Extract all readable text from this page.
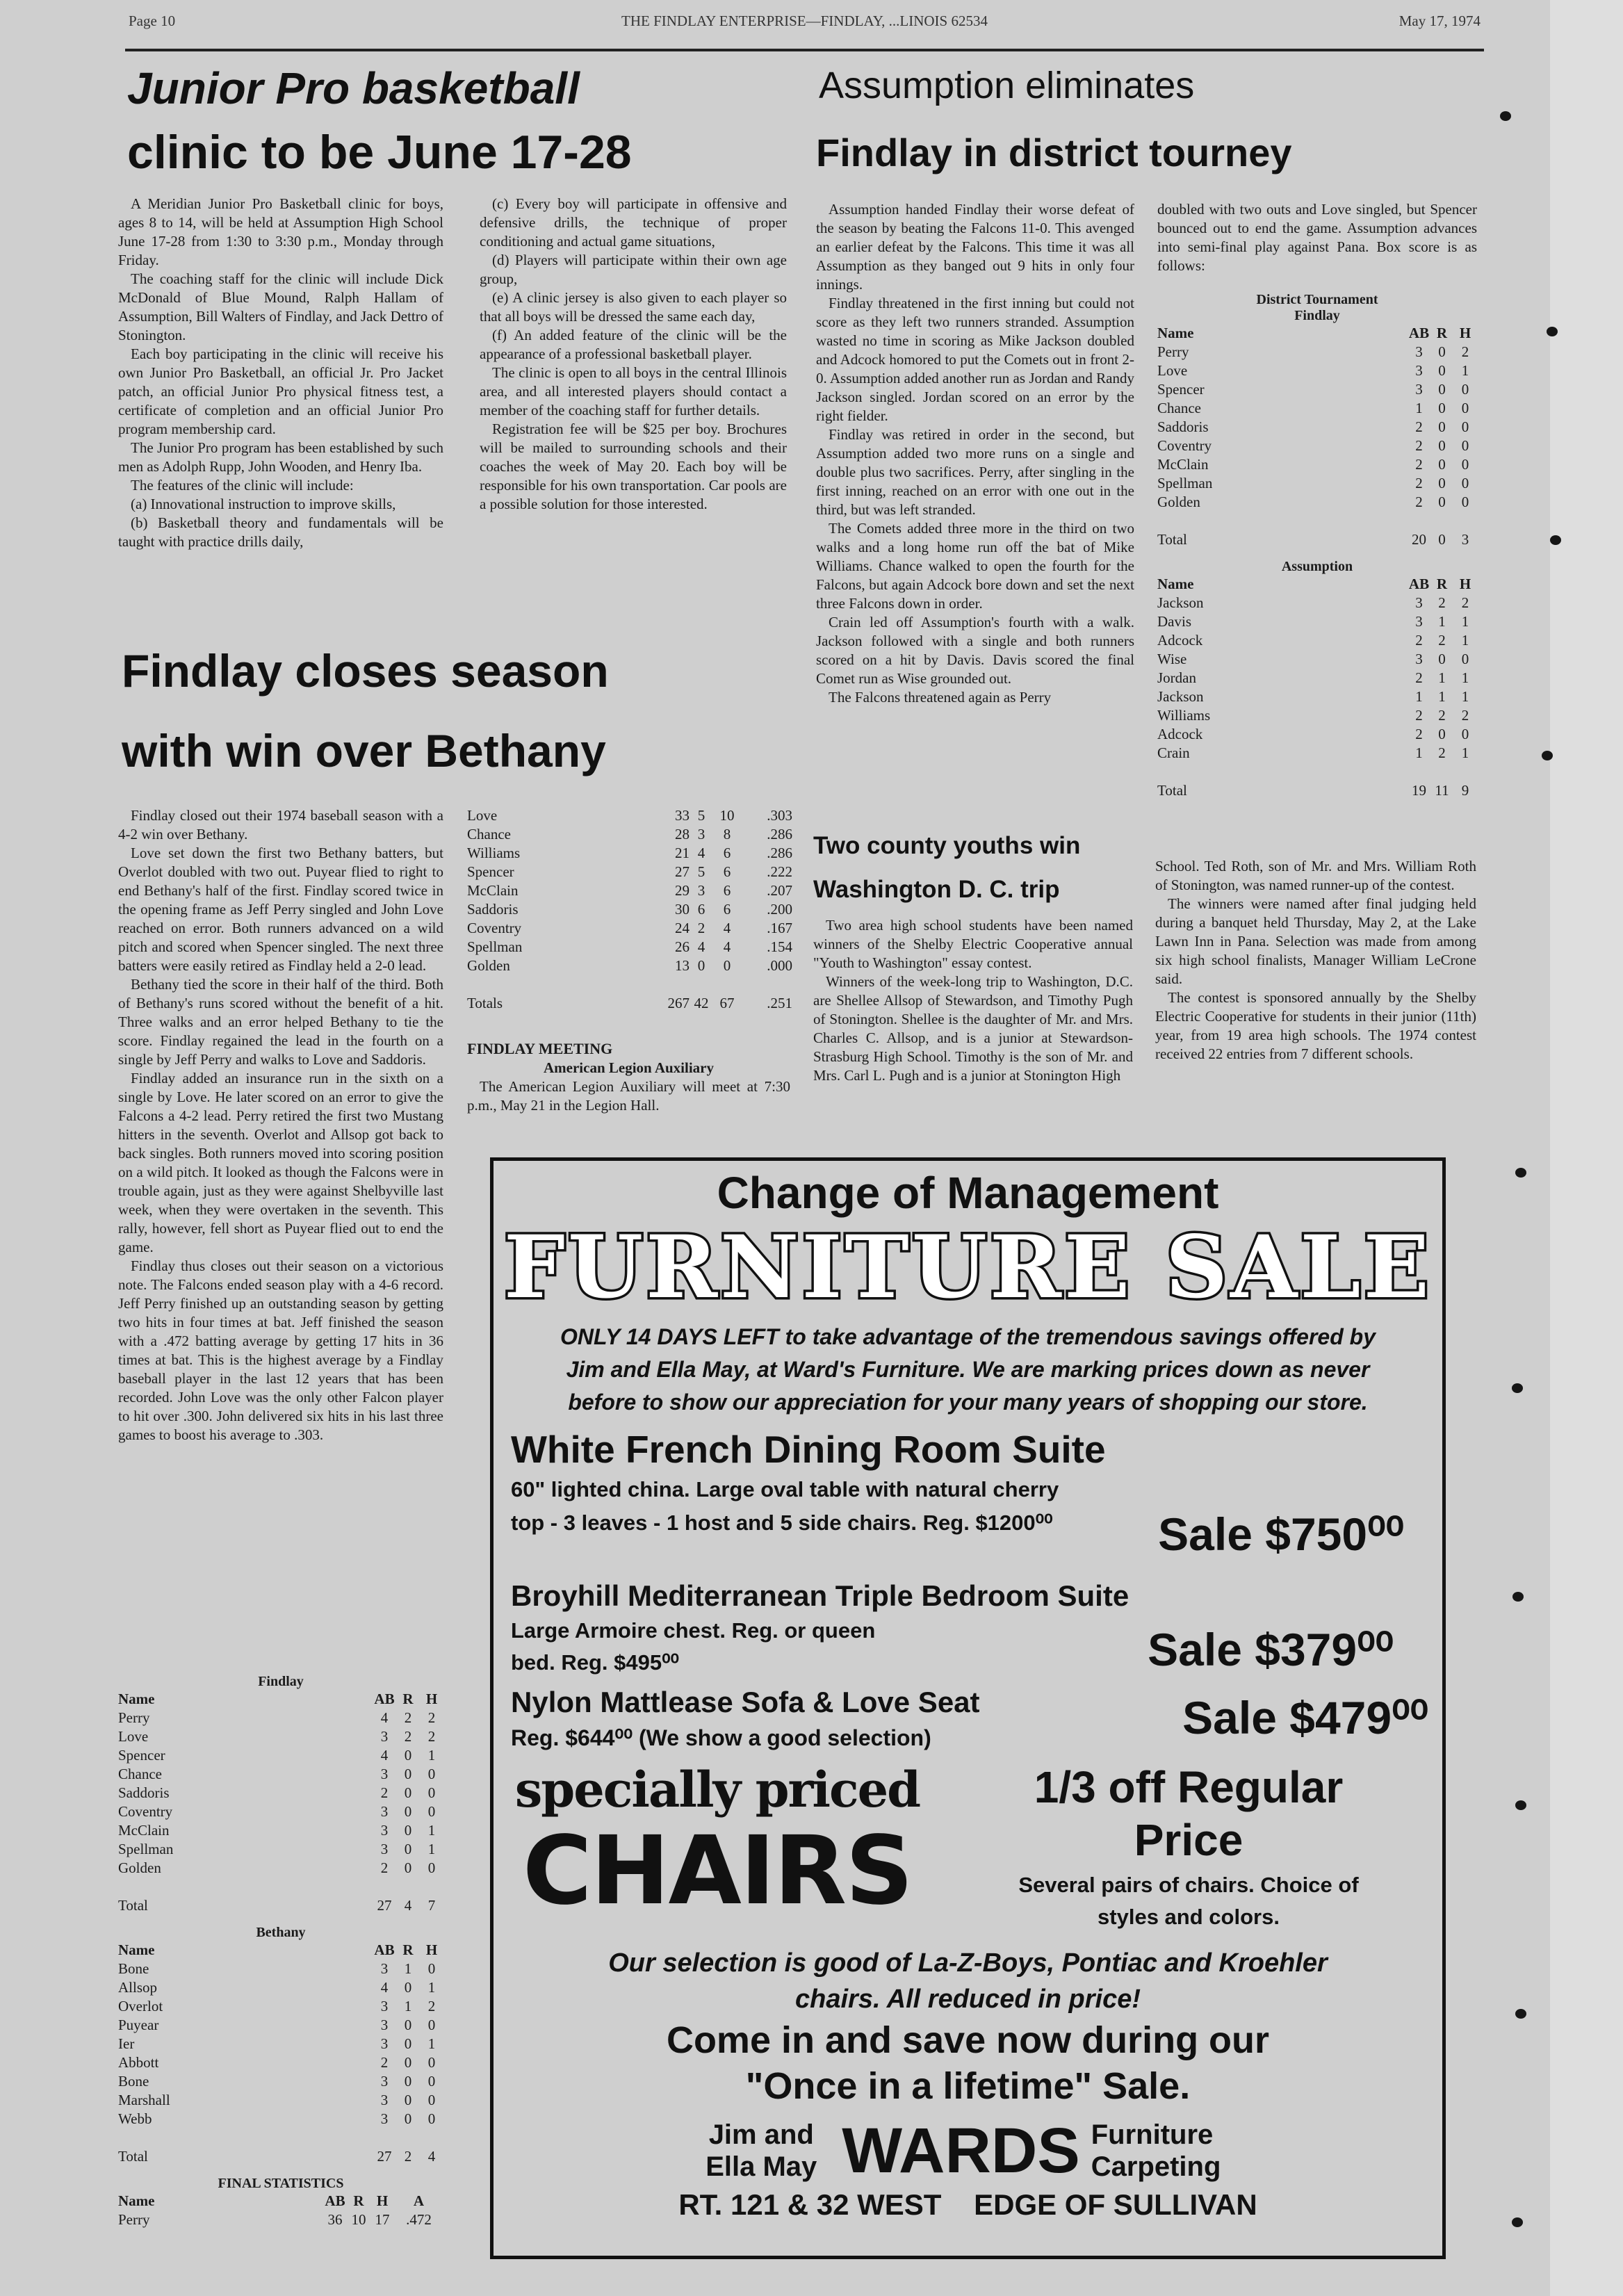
Page 10	THE FINDLAY ENTERPRISE—FINDLAY, ...LINOIS 62534	May 17, 1974
Junior Pro basketball
clinic to be June 17-28

A Meridian Junior Pro Basketball clinic for boys, ages 8 to 14, will be held at Assumption High School June 17-28 from 1:30 to 3:30 p.m., Monday through Friday.

The coaching staff for the clinic will include Dick McDonald of Blue Mound, Ralph Hallam of Assumption, Bill Walters of Findlay, and Jack Dettro of Stonington.

Each boy participating in the clinic will receive his own Junior Pro Basketball, an official Jr. Pro Jacket patch, an official Junior Pro physical fitness test, a certificate of completion and an official Junior Pro program membership card.

The Junior Pro program has been established by such men as Adolph Rupp, John Wooden, and Henry Iba.

The features of the clinic will include:

(a) Innovational instruction to improve skills,

(b) Basketball theory and fundamentals will be taught with practice drills daily,

(c) Every boy will participate in offensive and defensive drills, the technique of proper conditioning and actual game situations,

(d) Players will participate within their own age group,

(e) A clinic jersey is also given to each player so that all boys will be dressed the same each day,

(f) An added feature of the clinic will be the appearance of a professional basketball player.

The clinic is open to all boys in the central Illinois area, and all interested players should contact a member of the coaching staff for further details.

Registration fee will be $25 per boy. Brochures will be mailed to surrounding schools and their coaches the week of May 20. Each boy will be responsible for his own transportation. Car pools are a possible solution for those interested.

Assumption eliminates
Findlay in district tourney

Assumption handed Findlay their worse defeat of the season by beating the Falcons 11-0. This avenged an earlier defeat by the Falcons. This time it was all Assumption as they banged out 9 hits in only four innings.

Findlay threatened in the first inning but could not score as they left two runners stranded. Assumption wasted no time in scoring as Mike Jackson doubled and Adcock homored to put the Comets out in front 2-0. Assumption added another run as Jordan and Randy Jackson singled. Jordan scored on an error by the right fielder.

Findlay was retired in order in the second, but Assumption added two more runs on a single and double plus two sacrifices. Perry, after singling in the first inning, reached on an error with one out in the third, but was left stranded.

The Comets added three more in the third on two walks and a long home run off the bat of Mike Williams. Chance walked to open the fourth for the Falcons, but again Adcock bore down and set the next three Falcons down in order.

Crain led off Assumption's fourth with a walk. Jackson followed with a single and both runners scored on a hit by Davis. Davis scored the final Comet run as Wise grounded out.

The Falcons threatened again as Perry

doubled with two outs and Love singled, but Spencer bounced out to end the game. Assumption advances into semi-final play against Pana. Box score is as follows:

District Tournament
Findlay
Name	AB	R	H
Perry	3	0	2
Love	3	0	1
Spencer	3	0	0
Chance	1	0	0
Saddoris	2	0	0
Coventry	2	0	0
McClain	2	0	0
Spellman	2	0	0
Golden	2	0	0

Total	20	0	3
Assumption
Name	AB	R	H
Jackson	3	2	2
Davis	3	1	1
Adcock	2	2	1
Wise	3	0	0
Jordan	2	1	1
Jackson	1	1	1
Williams	2	2	2
Adcock	2	0	0
Crain	1	2	1

Total	19	11	9
Findlay closes season
with win over Bethany

Findlay closed out their 1974 baseball season with a 4-2 win over Bethany.

Love set down the first two Bethany batters, but Overlot doubled with two out. Puyear flied to right to end Bethany's half of the first. Findlay scored twice in the opening frame as Jeff Perry singled and John Love reached on error. Both runners advanced on a wild pitch and scored when Spencer singled. The next three batters were easily retired as Findlay held a 2-0 lead.

Bethany tied the score in their half of the third. Both of Bethany's runs scored without the benefit of a hit. Three walks and an error helped Bethany to tie the score. Findlay regained the lead in the fourth on a single by Jeff Perry and walks to Love and Saddoris.

Findlay added an insurance run in the sixth on a single by Love. He later scored on an error to give the Falcons a 4-2 lead. Perry retired the first two Mustang hitters in the seventh. Overlot and Allsop got back to back singles. Both runners moved into scoring position on a wild pitch. It looked as though the Falcons were in trouble again, just as they were against Shelbyville last week, when they were overtaken in the seventh. This rally, however, fell short as Puyear flied out to end the game.

Findlay thus closes out their season on a victorious note. The Falcons ended season play with a 4-6 record. Jeff Perry finished up an outstanding season by getting two hits in four times at bat. Jeff finished the season with a .472 batting average by getting 17 hits in 36 times at bat. This is the highest average by a Findlay baseball player in the last 12 years that has been recorded. John Love was the only other Falcon player to hit over .300. John delivered six hits in his last three games to boost his average to .303.

Findlay
Name	AB	R	H
Perry	4	2	2
Love	3	2	2
Spencer	4	0	1
Chance	3	0	0
Saddoris	2	0	0
Coventry	3	0	0
McClain	3	0	1
Spellman	3	0	1
Golden	2	0	0

Total	27	4	7
Bethany
Name	AB	R	H
Bone	3	1	0
Allsop	4	0	1
Overlot	3	1	2
Puyear	3	0	0
Ier	3	0	1
Abbott	2	0	0
Bone	3	0	0
Marshall	3	0	0
Webb	3	0	0

Total	27	2	4
FINAL STATISTICS
Name	AB	R	H	A
Perry	36	10	17	.472
Love	33	5	10	.303
Chance	28	3	8	.286
Williams	21	4	6	.286
Spencer	27	5	6	.222
McClain	29	3	6	.207
Saddoris	30	6	6	.200
Coventry	24	2	4	.167
Spellman	26	4	4	.154
Golden	13	0	0	.000

Totals	267	42	67	.251
FINDLAY MEETING
American Legion Auxiliary

The American Legion Auxiliary will meet at 7:30 p.m., May 21 in the Legion Hall.

Two county youths win
Washington D. C. trip

Two area high school students have been named winners of the Shelby Electric Cooperative annual "Youth to Washington" essay contest.

Winners of the week-long trip to Washington, D.C. are Shellee Allsop of Stewardson, and Timothy Pugh of Stonington. Shellee is the daughter of Mr. and Mrs. Charles C. Allsop, and is a junior at Stewardson-Strasburg High School. Timothy is the son of Mr. and Mrs. Carl L. Pugh and is a junior at Stonington High

School. Ted Roth, son of Mr. and Mrs. William Roth of Stonington, was named runner-up of the contest.

The winners were named after final judging held during a banquet held Thursday, May 2, at the Lake Lawn Inn in Pana. Selection was made from among six high school finalists, Manager William LeCrone said.

The contest is sponsored annually by the Shelby Electric Cooperative for students in their junior (11th) year, from 19 area high schools. The 1974 contest received 22 entries from 7 different schools.

Change of Management
FURNITURE SALE
ONLY 14 DAYS LEFT to take advantage of the tremendous savings offered by Jim and Ella May, at Ward's Furniture. We are marking prices down as never before to show our appreciation for your many years of shopping our store.
White French Dining Room Suite
60" lighted china. Large oval table with natural cherry top - 3 leaves - 1 host and 5 side chairs. Reg. $1200⁰⁰	Sale $750⁰⁰
Broyhill Mediterranean Triple Bedroom Suite
Large Armoire chest. Reg. or queen bed. Reg. $495⁰⁰	Sale $379⁰⁰
Nylon Mattlease Sofa & Love Seat
Reg. $644⁰⁰ (We show a good selection)	Sale $479⁰⁰
specially priced
CHAIRS
1/3 off Regular
Price
Several pairs of chairs. Choice of styles and colors.
Our selection is good of La-Z-Boys, Pontiac and Kroehler chairs. All reduced in price!
Come in and save now during our
"Once in a lifetime" Sale.
Jim and Ella May WARDS Furniture Carpeting
RT. 121 & 32 WEST    EDGE OF SULLIVAN
